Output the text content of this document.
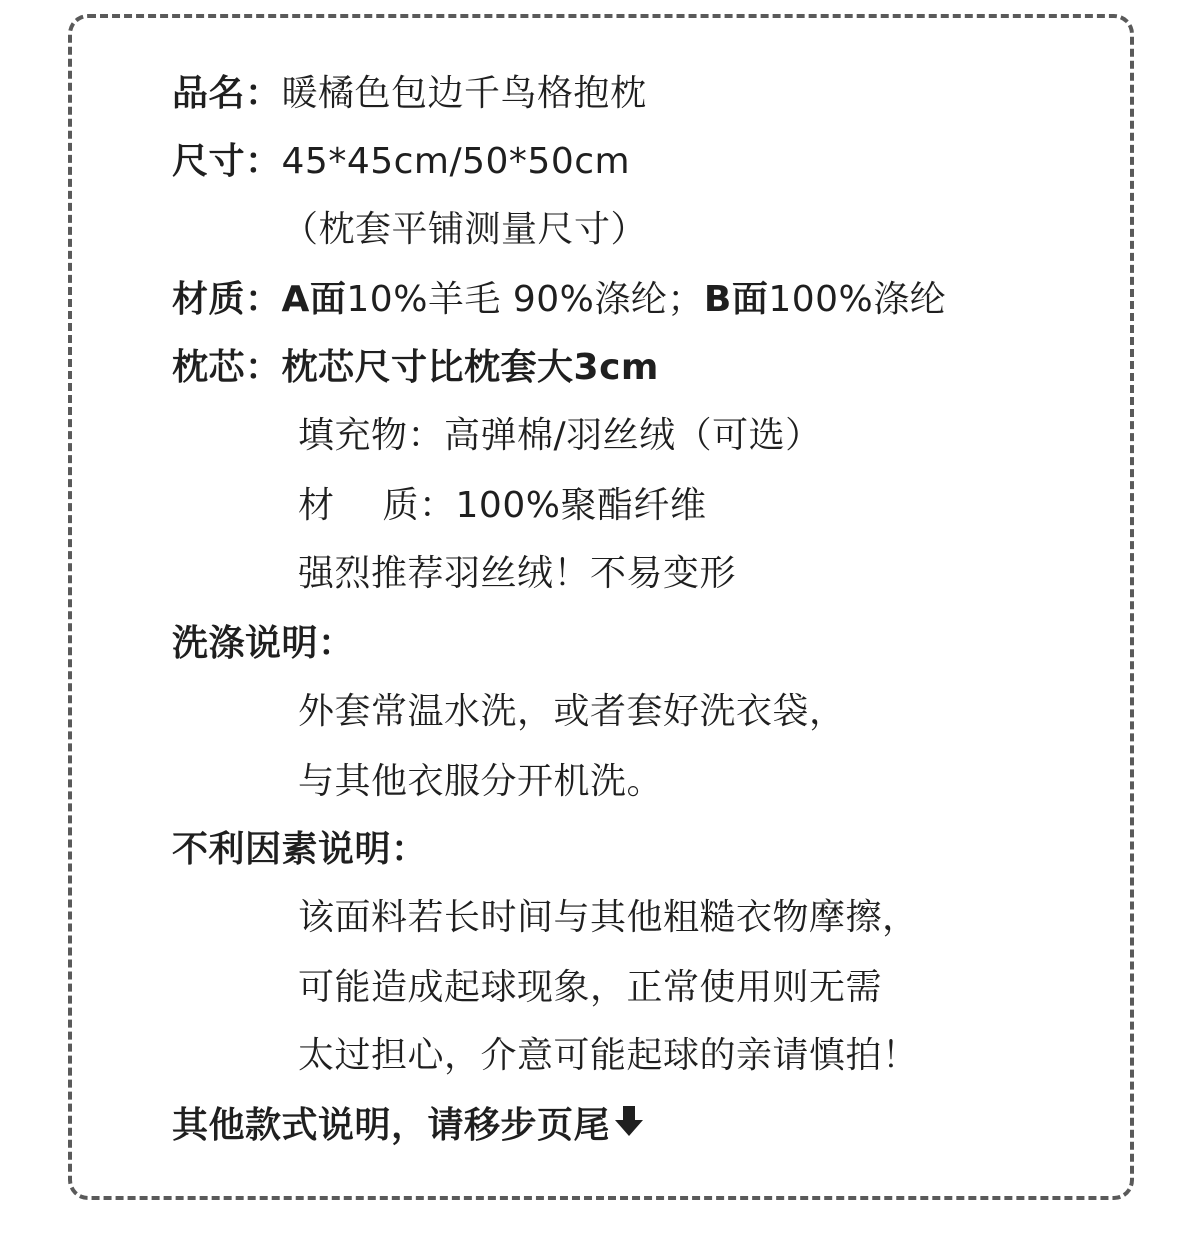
品名：暖橘色包边千鸟格抱枕
尺寸：45*45cm/50*50cm
（枕套平铺测量尺寸）
材质：A面10%羊毛 90%涤纶；B面100%涤纶
枕芯：枕芯尺寸比枕套大3cm
填充物：高弹棉/羽丝绒（可选）
材 质：100%聚酯纤维
强烈推荐羽丝绒！不易变形
洗涤说明：
外套常温水洗，或者套好洗衣袋，
与其他衣服分开机洗。
不利因素说明：
该面料若长时间与其他粗糙衣物摩擦，
可能造成起球现象，正常使用则无需
太过担心，介意可能起球的亲请慎拍！
其他款式说明，请移步页尾
